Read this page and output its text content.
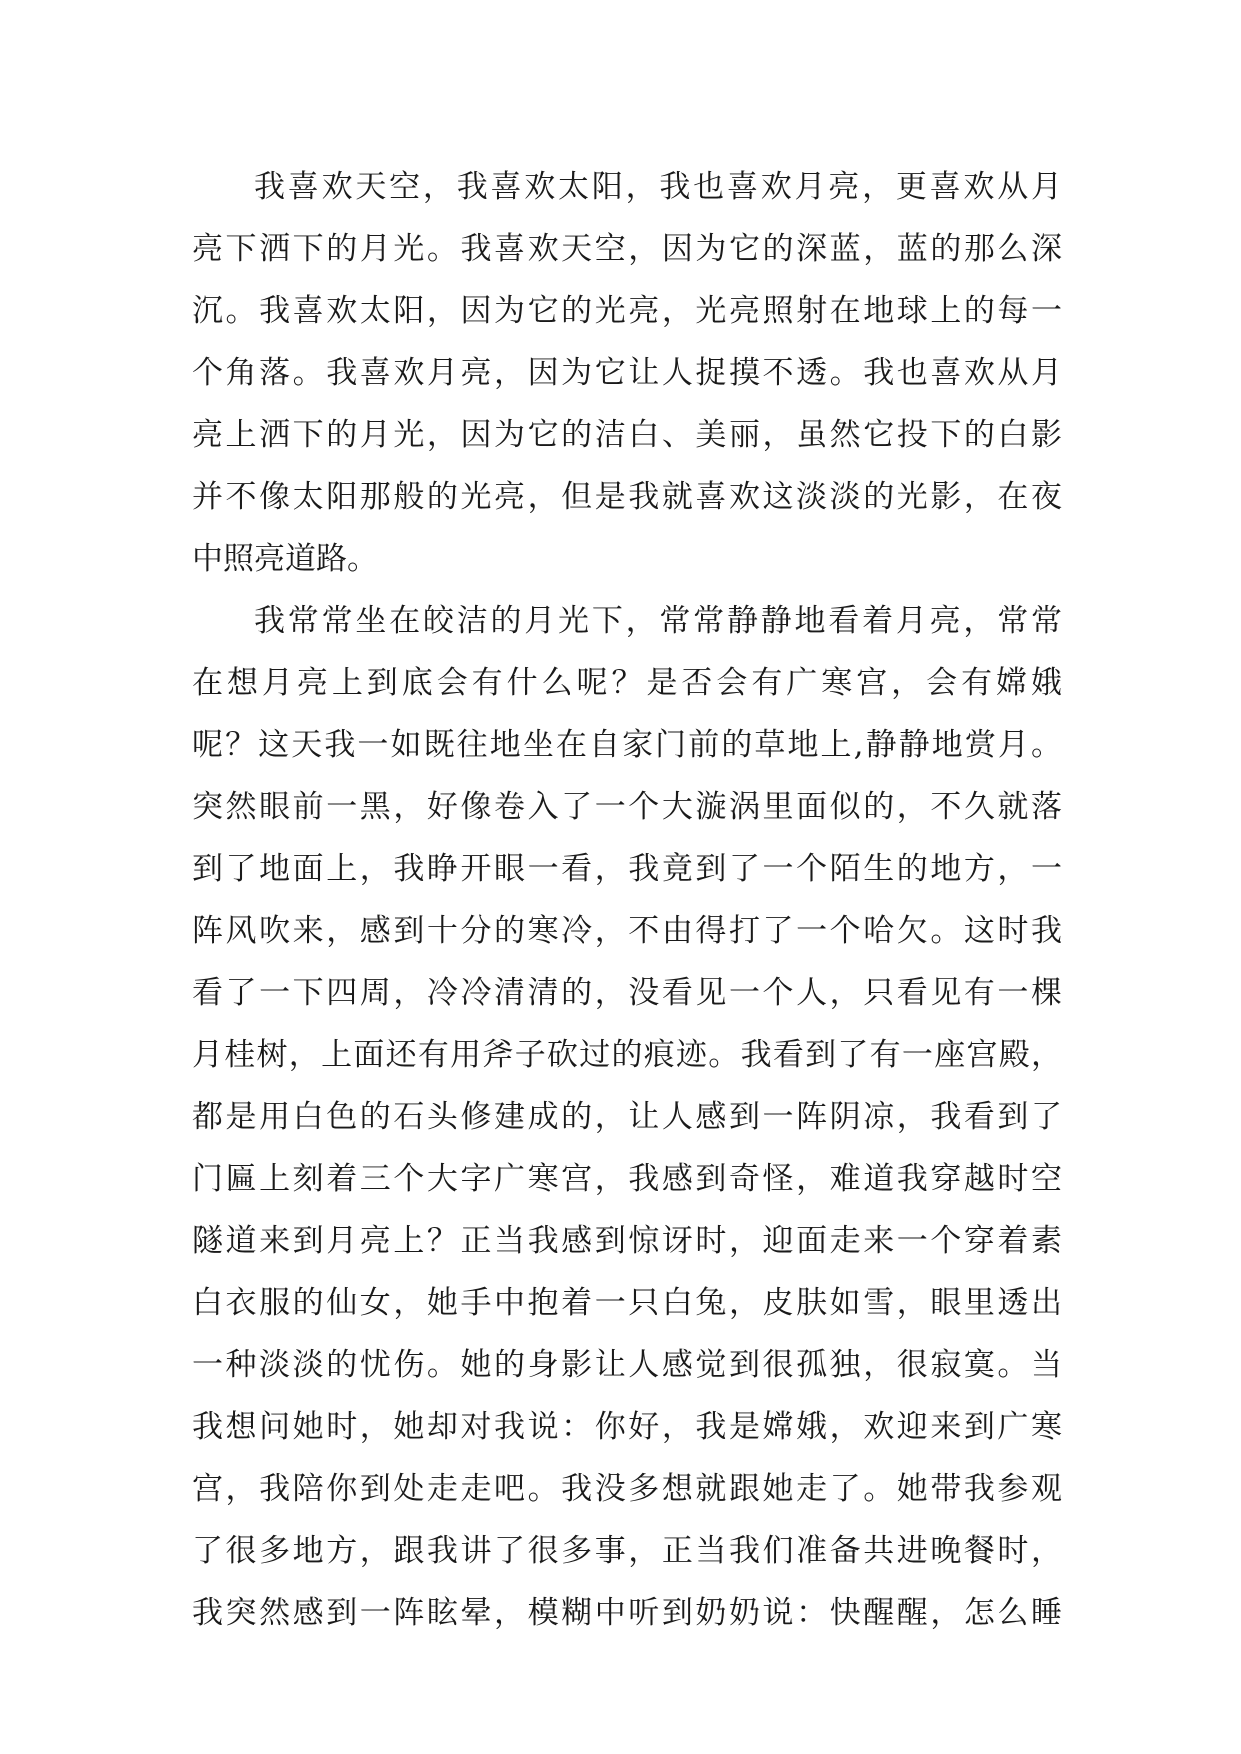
我喜欢天空，我喜欢太阳，我也喜欢月亮，更喜欢从月
亮下洒下的月光。我喜欢天空，因为它的深蓝，蓝的那么深
沉。我喜欢太阳，因为它的光亮，光亮照射在地球上的每一
个角落。我喜欢月亮，因为它让人捉摸不透。我也喜欢从月
亮上洒下的月光，因为它的洁白、美丽，虽然它投下的白影
并不像太阳那般的光亮，但是我就喜欢这淡淡的光影，在夜
中照亮道路。
我常常坐在皎洁的月光下，常常静静地看着月亮，常常
在想月亮上到底会有什么呢？是否会有广寒宫，会有嫦娥
呢？这天我一如既往地坐在自家门前的草地上,静静地赏月。
突然眼前一黑，好像卷入了一个大漩涡里面似的，不久就落
到了地面上，我睁开眼一看，我竟到了一个陌生的地方，一
阵风吹来，感到十分的寒冷，不由得打了一个哈欠。这时我
看了一下四周，冷冷清清的，没看见一个人，只看见有一棵
月桂树，上面还有用斧子砍过的痕迹。我看到了有一座宫殿，
都是用白色的石头修建成的，让人感到一阵阴凉，我看到了
门匾上刻着三个大字广寒宫，我感到奇怪，难道我穿越时空
隧道来到月亮上？正当我感到惊讶时，迎面走来一个穿着素
白衣服的仙女，她手中抱着一只白兔，皮肤如雪，眼里透出
一种淡淡的忧伤。她的身影让人感觉到很孤独，很寂寞。当
我想问她时，她却对我说：你好，我是嫦娥，欢迎来到广寒
宫，我陪你到处走走吧。我没多想就跟她走了。她带我参观
了很多地方，跟我讲了很多事，正当我们准备共进晚餐时，
我突然感到一阵眩晕，模糊中听到奶奶说：快醒醒，怎么睡
